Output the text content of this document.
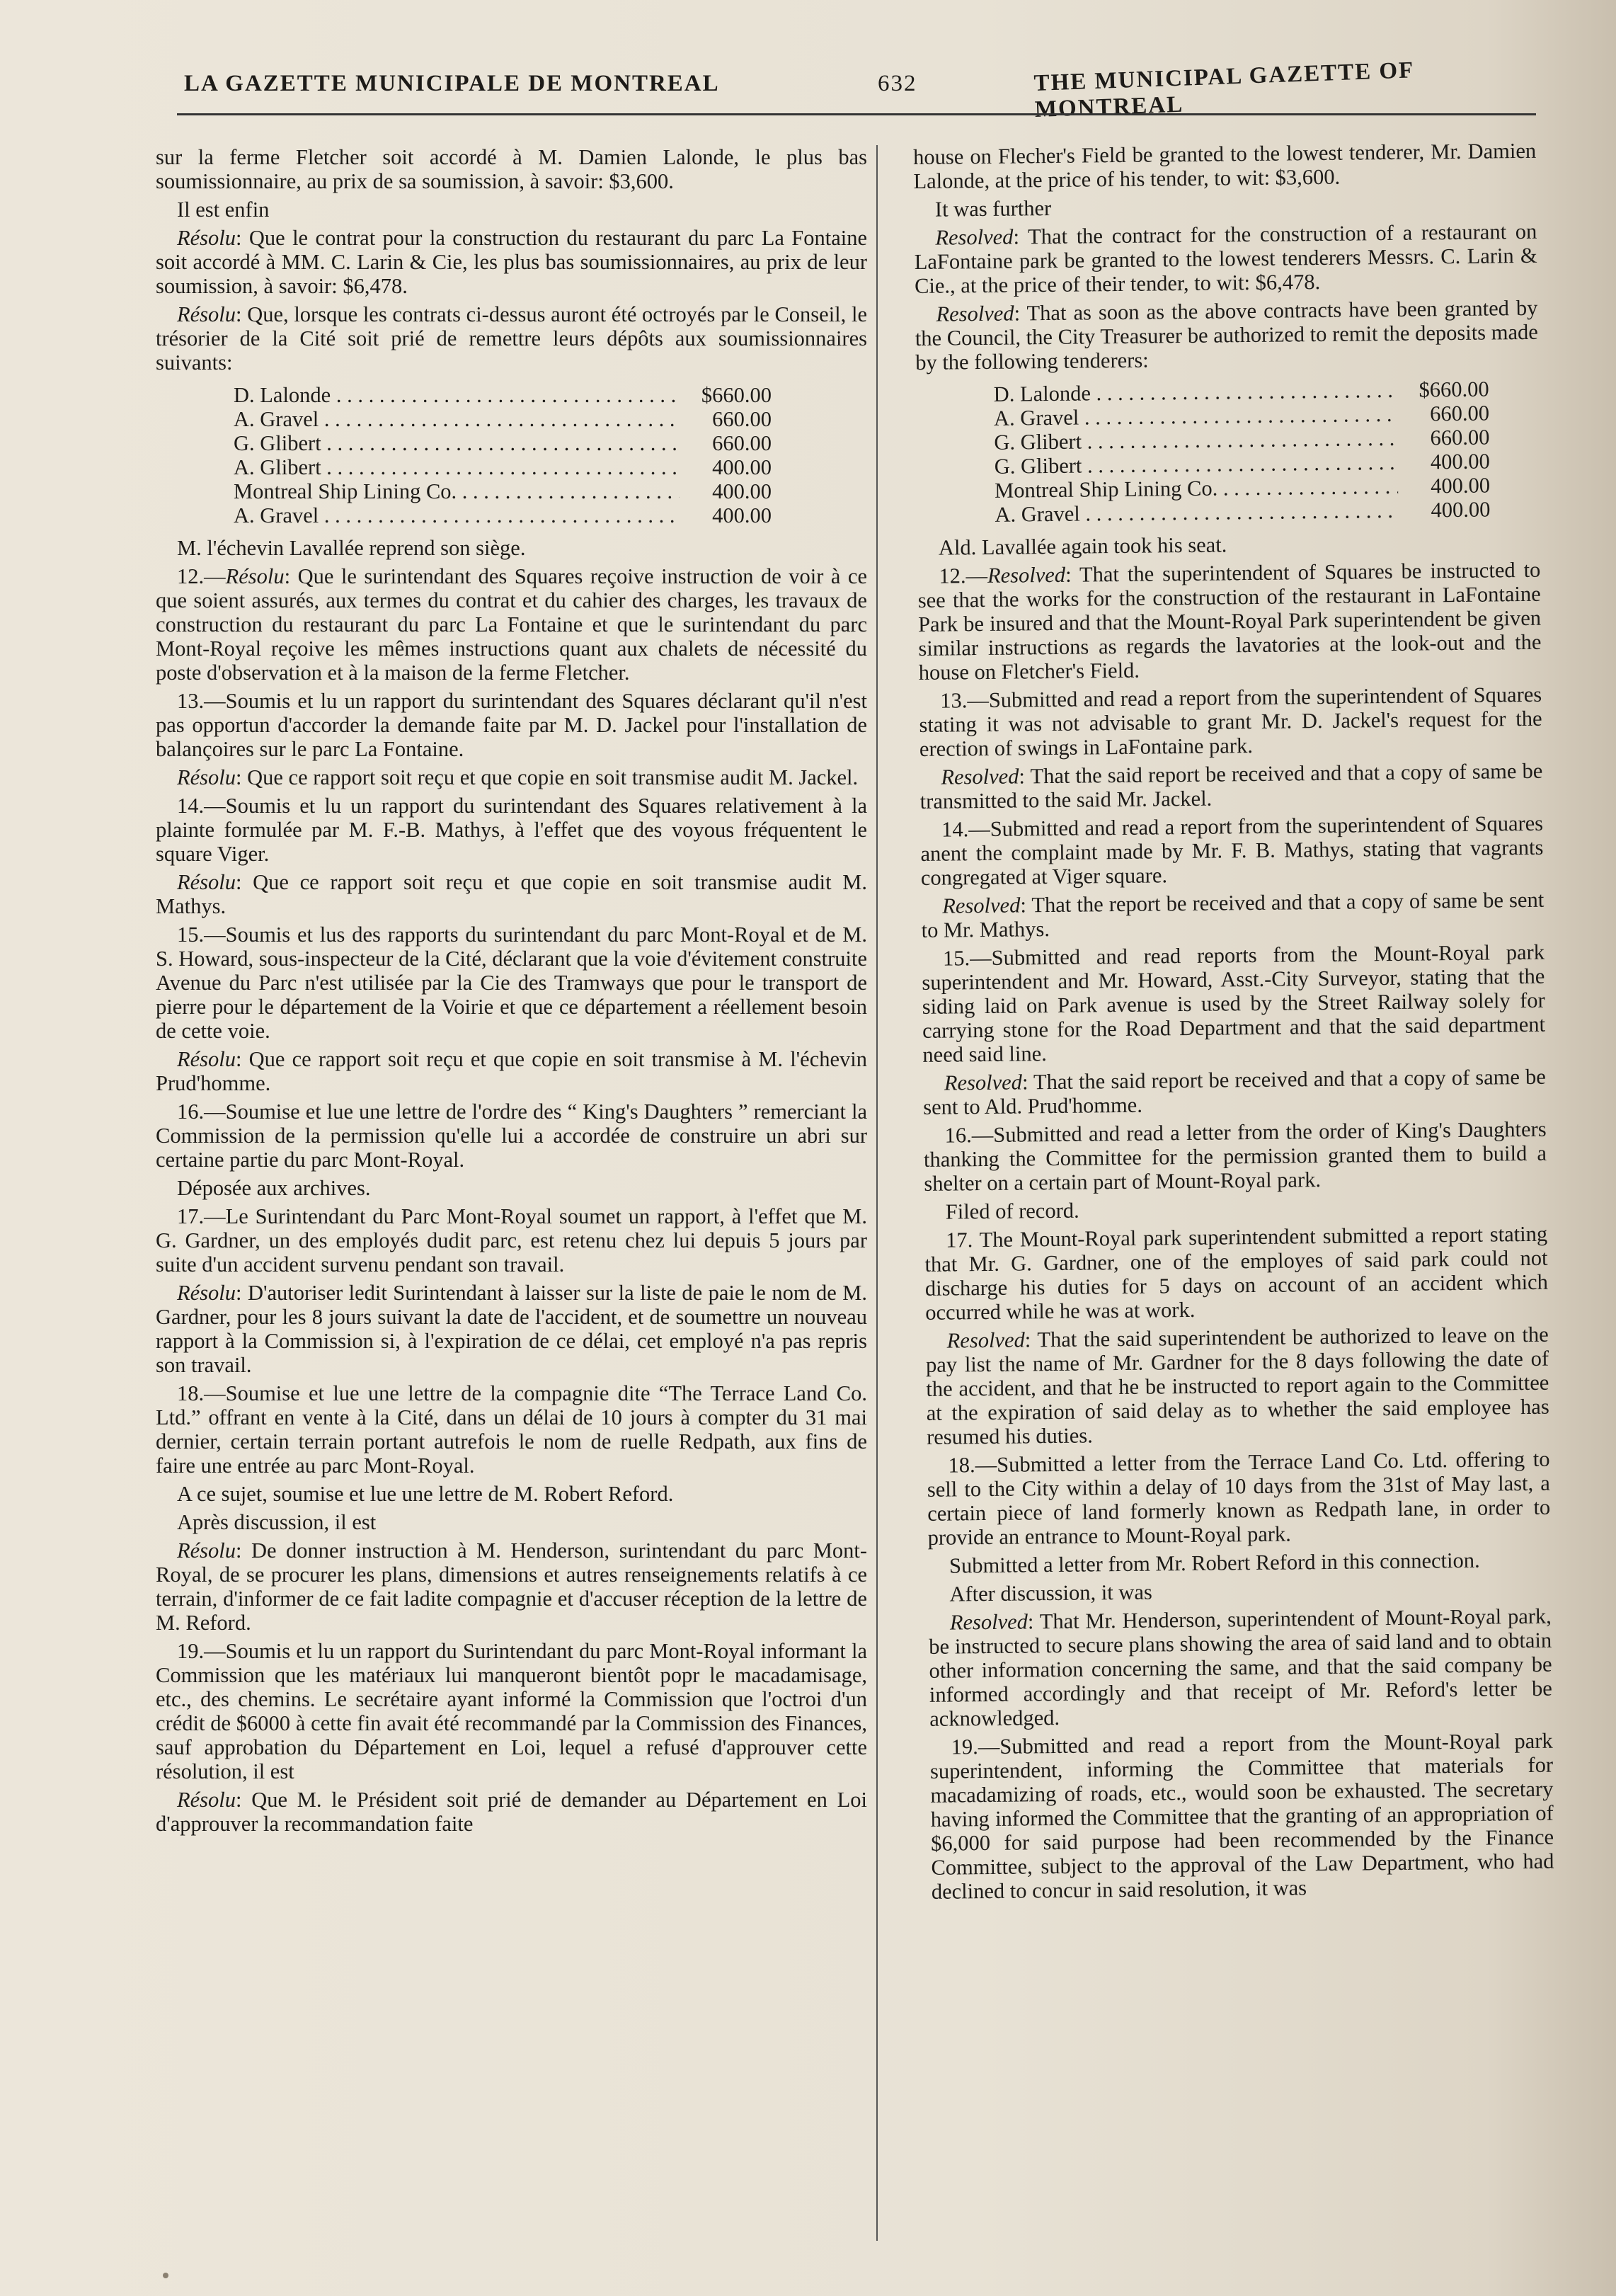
LA GAZETTE MUNICIPALE DE MONTREAL	632	THE MUNICIPAL GAZETTE OF MONTREAL

sur la ferme Fletcher soit accordé à M. Damien Lalonde, le plus bas soumissionnaire, au prix de sa soumission, à savoir: $3,600.

Il est enfin

Résolu: Que le contrat pour la construction du restaurant du parc La Fontaine soit accordé à MM. C. Larin & Cie, les plus bas soumissionnaires, au prix de leur soumission, à savoir: $6,478.

Résolu: Que, lorsque les contrats ci-dessus auront été octroyés par le Conseil, le trésorier de la Cité soit prié de remettre leurs dépôts aux soumissionnaires suivants:

D. Lalonde . . .	$660.00
A. Gravel . . .	660.00
G. Glibert . . .	660.00
A. Glibert . . .	400.00
Montreal Ship Lining Co. . . .	400.00
A. Gravel . . .	400.00

M. l'échevin Lavallée reprend son siège.

12.—Résolu: Que le surintendant des Squares reçoive instruction de voir à ce que soient assurés, aux termes du contrat et du cahier des charges, les travaux de construction du restaurant du parc La Fontaine et que le surintendant du parc Mont-Royal reçoive les mêmes instructions quant aux chalets de nécessité du poste d'observation et à la maison de la ferme Fletcher.

13.—Soumis et lu un rapport du surintendant des Squares déclarant qu'il n'est pas opportun d'accorder la demande faite par M. D. Jackel pour l'installation de balançoires sur le parc La Fontaine.

Résolu: Que ce rapport soit reçu et que copie en soit transmise audit M. Jackel.

14.—Soumis et lu un rapport du surintendant des Squares relativement à la plainte formulée par M. F.-B. Mathys, à l'effet que des voyous fréquentent le square Viger.

Résolu: Que ce rapport soit reçu et que copie en soit transmise audit M. Mathys.

15.—Soumis et lus des rapports du surintendant du parc Mont-Royal et de M. S. Howard, sous-inspecteur de la Cité, déclarant que la voie d'évitement construite Avenue du Parc n'est utilisée par la Cie des Tramways que pour le transport de pierre pour le département de la Voirie et que ce département a réellement besoin de cette voie.

Résolu: Que ce rapport soit reçu et que copie en soit transmise à M. l'échevin Prud'homme.

16.—Soumise et lue une lettre de l'ordre des “ King's Daughters ” remerciant la Commission de la permission qu'elle lui a accordée de construire un abri sur certaine partie du parc Mont-Royal.

Déposée aux archives.

17.—Le Surintendant du Parc Mont-Royal soumet un rapport, à l'effet que M. G. Gardner, un des employés dudit parc, est retenu chez lui depuis 5 jours par suite d'un accident survenu pendant son travail.

Résolu: D'autoriser ledit Surintendant à laisser sur la liste de paie le nom de M. Gardner, pour les 8 jours suivant la date de l'accident, et de soumettre un nouveau rapport à la Commission si, à l'expiration de ce délai, cet employé n'a pas repris son travail.

18.—Soumise et lue une lettre de la compagnie dite “The Terrace Land Co. Ltd.” offrant en vente à la Cité, dans un délai de 10 jours à compter du 31 mai dernier, certain terrain portant autrefois le nom de ruelle Redpath, aux fins de faire une entrée au parc Mont-Royal.

A ce sujet, soumise et lue une lettre de M. Robert Reford.

Après discussion, il est

Résolu: De donner instruction à M. Henderson, surintendant du parc Mont-Royal, de se procurer les plans, dimensions et autres renseignements relatifs à ce terrain, d'informer de ce fait ladite compagnie et d'accuser réception de la lettre de M. Reford.

19.—Soumis et lu un rapport du Surintendant du parc Mont-Royal informant la Commission que les matériaux lui manqueront bientôt popr le macadamisage, etc., des chemins. Le secrétaire ayant informé la Commission que l'octroi d'un crédit de $6000 à cette fin avait été recommandé par la Commission des Finances, sauf approbation du Département en Loi, lequel a refusé d'approuver cette résolution, il est

Résolu: Que M. le Président soit prié de demander au Département en Loi d'approuver la recommandation faite

house on Flecher's Field be granted to the lowest tenderer, Mr. Damien Lalonde, at the price of his tender, to wit: $3,600.

It was further

Resolved: That the contract for the construction of a restaurant on LaFontaine park be granted to the lowest tenderers Messrs. C. Larin & Cie., at the price of their tender, to wit: $6,478.

Resolved: That as soon as the above contracts have been granted by the Council, the City Treasurer be authorized to remit the deposits made by the following tenderers:

D. Lalonde . . .	$660.00
A. Gravel . . .	660.00
G. Glibert . . .	660.00
G. Glibert . . .	400.00
Montreal Ship Lining Co. . . .	400.00
A. Gravel . . .	400.00

Ald. Lavallée again took his seat.

12.—Resolved: That the superintendent of Squares be instructed to see that the works for the construction of the restaurant in LaFontaine Park be insured and that the Mount-Royal Park superintendent be given similar instructions as regards the lavatories at the look-out and the house on Fletcher's Field.

13.—Submitted and read a report from the superintendent of Squares stating it was not advisable to grant Mr. D. Jackel's request for the erection of swings in LaFontaine park.

Resolved: That the said report be received and that a copy of same be transmitted to the said Mr. Jackel.

14.—Submitted and read a report from the superintendent of Squares anent the complaint made by Mr. F. B. Mathys, stating that vagrants congregated at Viger square.

Resolved: That the report be received and that a copy of same be sent to Mr. Mathys.

15.—Submitted and read reports from the Mount-Royal park superintendent and Mr. Howard, Asst.-City Surveyor, stating that the siding laid on Park avenue is used by the Street Railway solely for carrying stone for the Road Department and that the said department need said line.

Resolved: That the said report be received and that a copy of same be sent to Ald. Prud'homme.

16.—Submitted and read a letter from the order of King's Daughters thanking the Committee for the permission granted them to build a shelter on a certain part of Mount-Royal park.

Filed of record.

17. The Mount-Royal park superintendent submitted a report stating that Mr. G. Gardner, one of the employes of said park could not discharge his duties for 5 days on account of an accident which occurred while he was at work.

Resolved: That the said superintendent be authorized to leave on the pay list the name of Mr. Gardner for the 8 days following the date of the accident, and that he be instructed to report again to the Committee at the expiration of said delay as to whether the said employee has resumed his duties.

18.—Submitted a letter from the Terrace Land Co. Ltd. offering to sell to the City within a delay of 10 days from the 31st of May last, a certain piece of land formerly known as Redpath lane, in order to provide an entrance to Mount-Royal park.

Submitted a letter from Mr. Robert Reford in this connection.

After discussion, it was

Resolved: That Mr. Henderson, superintendent of Mount-Royal park, be instructed to secure plans showing the area of said land and to obtain other information concerning the same, and that the said company be informed accordingly and that receipt of Mr. Reford's letter be acknowledged.

19.—Submitted and read a report from the Mount-Royal park superintendent, informing the Committee that materials for macadamizing of roads, etc., would soon be exhausted. The secretary having informed the Committee that the granting of an appropriation of $6,000 for said purpose had been recommended by the Finance Committee, subject to the approval of the Law Department, who had declined to concur in said resolution, it was
